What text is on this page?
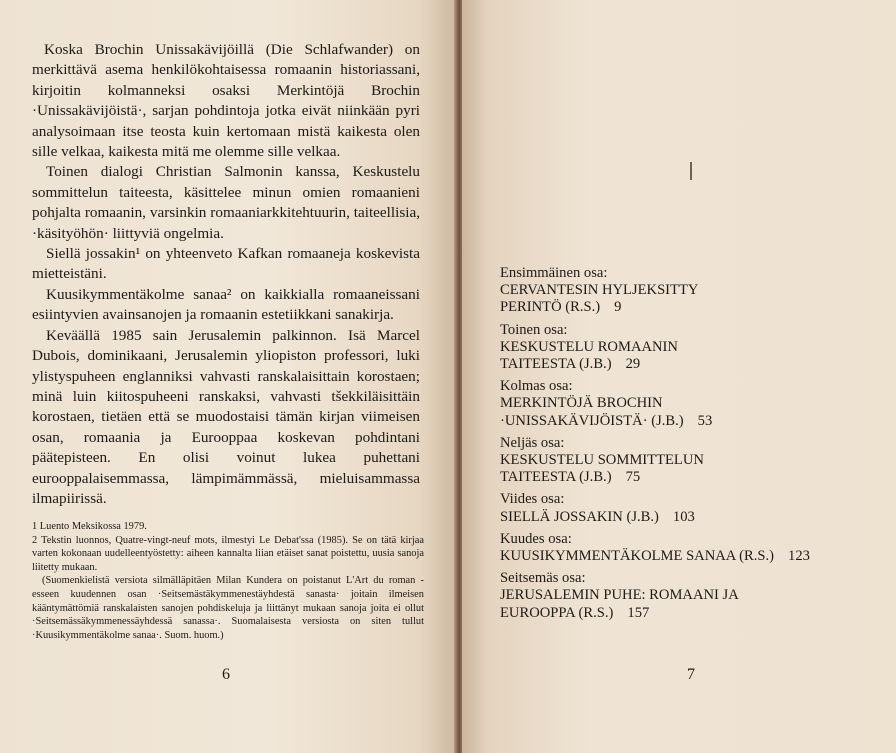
Koska Brochin Unissakävijöillä (Die Schlafwander) on merkittävä asema henkilökohtaisessa romaanin historiassani, kirjoitin kolmanneksi osaksi Merkintöjä Brochin ·Unissakävijöistä·, sarjan pohdintoja jotka eivät niinkään pyri analysoimaan itse teosta kuin kertomaan mistä kaikesta olen sille velkaa, kaikesta mitä me olemme sille velkaa.

Toinen dialogi Christian Salmonin kanssa, Keskustelu sommittelun taiteesta, käsittelee minun omien romaanieni pohjalta romaanin, varsinkin romaaniarkkitehtuurin, taiteellisia, ·käsityöhön· liittyviä ongelmia.

Siellä jossakin¹ on yhteenveto Kafkan romaaneja koskevista mietteistäni.

Kuusikymmentäkolme sanaa² on kaikkialla romaaneissani esiintyvien avainsanojen ja romaanin estetiikkani sanakirja.

Keväällä 1985 sain Jerusalemin palkinnon. Isä Marcel Dubois, dominikaani, Jerusalemin yliopiston professori, luki ylistyspuheen englanniksi vahvasti ranskalaisittain korostaen; minä luin kiitospuheeni ranskaksi, vahvasti tšekkiläisittäin korostaen, tietäen että se muodostaisi tämän kirjan viimeisen osan, romaania ja Eurooppaa koskevan pohdintani päätepisteen. En olisi voinut lukea puhettani eurooppalaisemmassa, lämpimämmässä, mieluisammassa ilmapiirissä.

1 Luento Meksikossa 1979.

2 Tekstin luonnos, Quatre-vingt-neuf mots, ilmestyi Le Debat'ssa (1985). Se on tätä kirjaa varten kokonaan uudelleentyöstetty: aiheen kannalta liian etäiset sanat poistettu, uusia sanoja liitetty mukaan.

(Suomenkielistä versiota silmälläpitäen Milan Kundera on poistanut L'Art du roman -esseen kuudennen osan ·Seitsemästäkymmenestäyhdestä sanasta· joitain ilmeisen kääntymättömiä ranskalaisten sanojen pohdiskeluja ja liittänyt mukaan sanoja joita ei ollut ·Seitsemässäkymmenessäyhdessä sanassa·. Suomalaisesta versiosta on siten tullut ·Kuusikymmentäkolme sanaa·. Suom. huom.)

6
Ensimmäinen osa:
CERVANTESIN HYLJEKSITTY
PERINTÖ (R.S.) 9
Toinen osa:
KESKUSTELU ROMAANIN
TAITEESTA (J.B.) 29
Kolmas osa:
MERKINTÖJÄ BROCHIN
·UNISSAKÄVIJÖISTÄ· (J.B.) 53
Neljäs osa:
KESKUSTELU SOMMITTELUN
TAITEESTA (J.B.) 75
Viides osa:
SIELLÄ JOSSAKIN (J.B.) 103
Kuudes osa:
KUUSIKYMMENTÄKOLME SANAA (R.S.) 123
Seitsemäs osa:
JERUSALEMIN PUHE: ROMAANI JA
EUROOPPA (R.S.) 157
7
